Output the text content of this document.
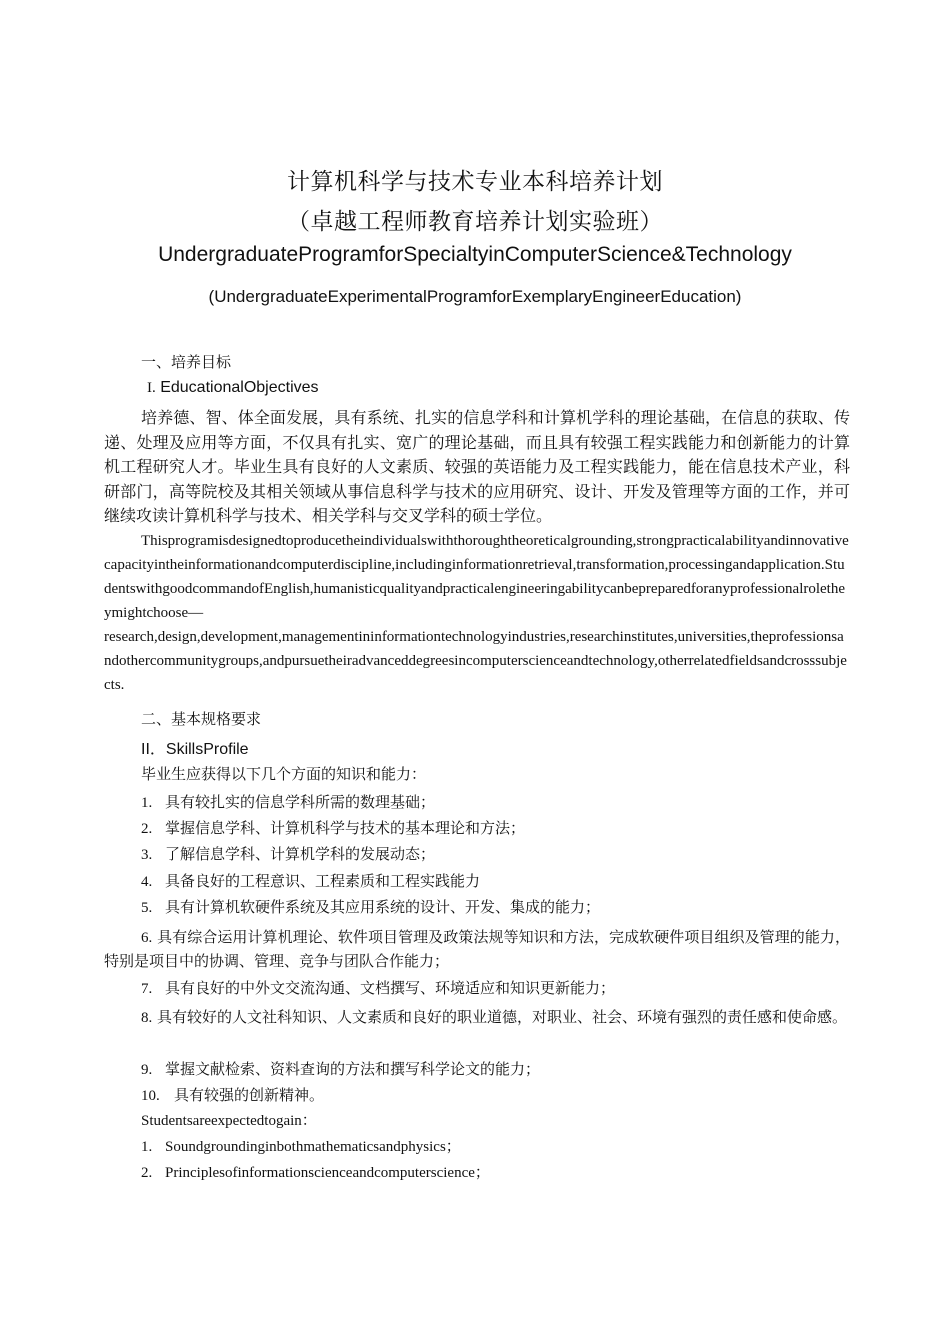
计算机科学与技术专业本科培养计划
（卓越工程师教育培养计划实验班）
UndergraduateProgramforSpecialtyinComputerScience&Technology
(UndergraduateExperimentalProgramforExemplaryEngineerEducation)
一、培养目标
I. EducationalObjectives
培养德、智、体全面发展，具有系统、扎实的信息学科和计算机学科的理论基础，在信息的获取、传递、处理及应用等方面，不仅具有扎实、宽广的理论基础，而且具有较强工程实践能力和创新能力的计算机工程研究人才。毕业生具有良好的人文素质、较强的英语能力及工程实践能力，能在信息技术产业，科研部门，高等院校及其相关领域从事信息科学与技术的应用研究、设计、开发及管理等方面的工作，并可继续攻读计算机科学与技术、相关学科与交叉学科的硕士学位。
Thisprogramisdesignedtoproducetheindividualswiththoroughtheoreticalgrounding,strongpracticalabilityandinnovativecapacityintheinformationandcomputerdiscipline,includinginformationretrieval,transformation,processingandapplication.StudentswithgoodcommandofEnglish,humanisticqualityandpracticalengineeringabilitycanbepreparedforanyprofessionalroletheymightchoose—
research,design,development,managementininformationtechnologyindustries,researchinstitutes,universities,theprofessionsandothercommunitygroups,andpursuetheiradvanceddegreesincomputerscienceandtechnology,otherrelatedfieldsandcrosssubjects.
二、基本规格要求
II．SkillsProfile
毕业生应获得以下几个方面的知识和能力：
1. 具有较扎实的信息学科所需的数理基础；
2. 掌握信息学科、计算机科学与技术的基本理论和方法；
3. 了解信息学科、计算机学科的发展动态；
4. 具备良好的工程意识、工程素质和工程实践能力
5. 具有计算机软硬件系统及其应用系统的设计、开发、集成的能力；
6. 具有综合运用计算机理论、软件项目管理及政策法规等知识和方法，完成软硬件项目组织及管理的能力，特别是项目中的协调、管理、竞争与团队合作能力；
7. 具有良好的中外文交流沟通、文档撰写、环境适应和知识更新能力；
8. 具有较好的人文社科知识、人文素质和良好的职业道德，对职业、社会、环境有强烈的责任感和使命感。
9. 掌握文献检索、资料查询的方法和撰写科学论文的能力；
10. 具有较强的创新精神。
Studentsareexpectedtogain：
1. Soundgroundinginbothmathematicsandphysics；
2. Principlesofinformationscienceandcomputerscience；
